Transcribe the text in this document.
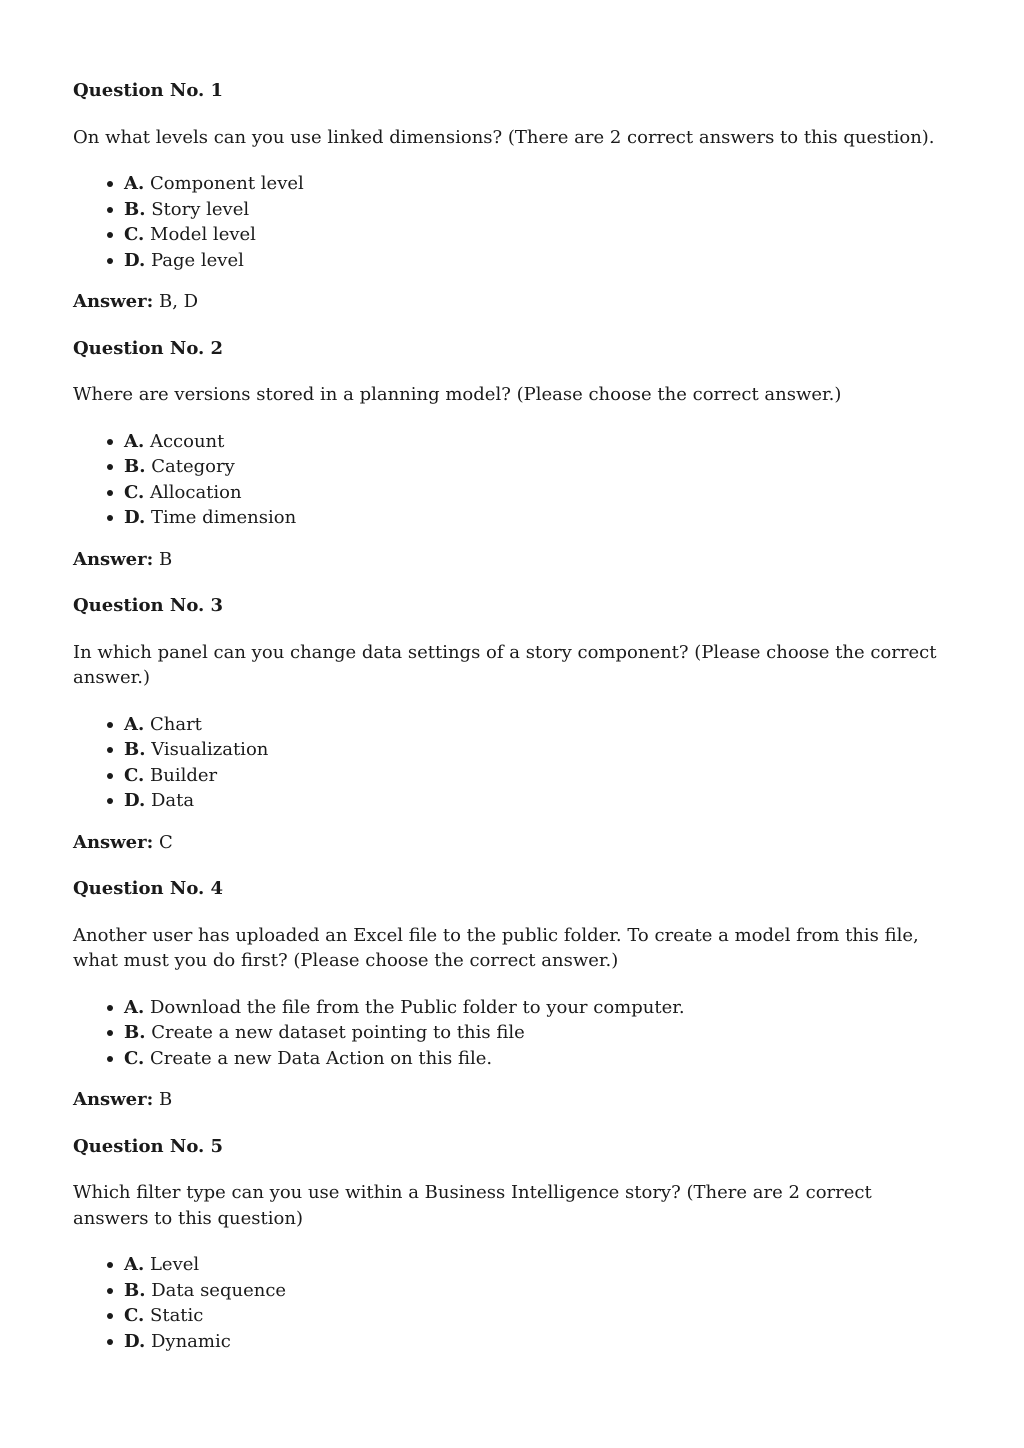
Question No. 1

On what levels can you use linked dimensions? (There are 2 correct answers to this question).

A. Component level
B. Story level
C. Model level
D. Page level

Answer: B, D

Question No. 2

Where are versions stored in a planning model? (Please choose the correct answer.)

A. Account
B. Category
C. Allocation
D. Time dimension

Answer: B

Question No. 3

In which panel can you change data settings of a story component? (Please choose the correct answer.)

A. Chart
B. Visualization
C. Builder
D. Data

Answer: C

Question No. 4

Another user has uploaded an Excel file to the public folder. To create a model from this file, what must you do first? (Please choose the correct answer.)

A. Download the file from the Public folder to your computer.
B. Create a new dataset pointing to this file
C. Create a new Data Action on this file.

Answer: B

Question No. 5

Which filter type can you use within a Business Intelligence story? (There are 2 correct answers to this question)

A. Level
B. Data sequence
C. Static
D. Dynamic
